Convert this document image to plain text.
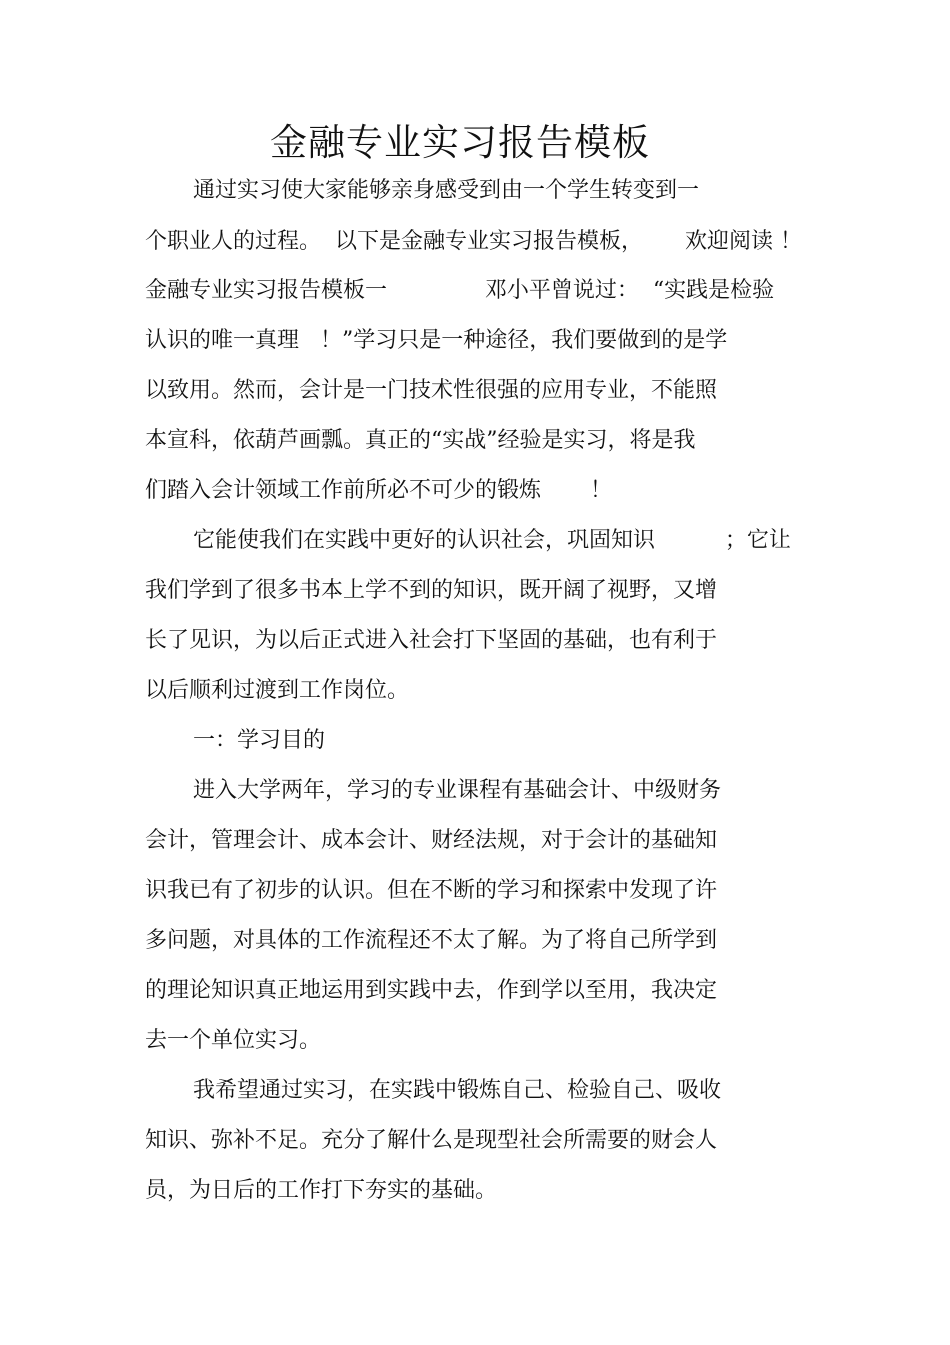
金融专业实习报告模板
通过实习使大家能够亲身感受到由一个学生转变到一
个职业人的过程。  以下是金融专业实习报告模板，      欢迎阅读 ！
金融专业实习报告模板一              邓小平曾说过：  “实践是检验
认识的唯一真理   ！”学习只是一种途径，我们要做到的是学
以致用。然而，会计是一门技术性很强的应用专业，不能照
本宣科，依葫芦画瓢。真正的“实战”经验是实习，将是我
们踏入会计领域工作前所必不可少的锻炼       ！
它能使我们在实践中更好的认识社会，巩固知识          ；它让
我们学到了很多书本上学不到的知识，既开阔了视野，又增
长了见识，为以后正式进入社会打下坚固的基础，也有利于
以后顺利过渡到工作岗位。
一：学习目的
进入大学两年，学习的专业课程有基础会计、中级财务
会计，管理会计、成本会计、财经法规，对于会计的基础知
识我已有了初步的认识。但在不断的学习和探索中发现了许
多问题，对具体的工作流程还不太了解。为了将自己所学到
的理论知识真正地运用到实践中去，作到学以至用，我决定
去一个单位实习。
我希望通过实习，在实践中锻炼自己、检验自己、吸收
知识、弥补不足。充分了解什么是现型社会所需要的财会人
员，为日后的工作打下夯实的基础。
